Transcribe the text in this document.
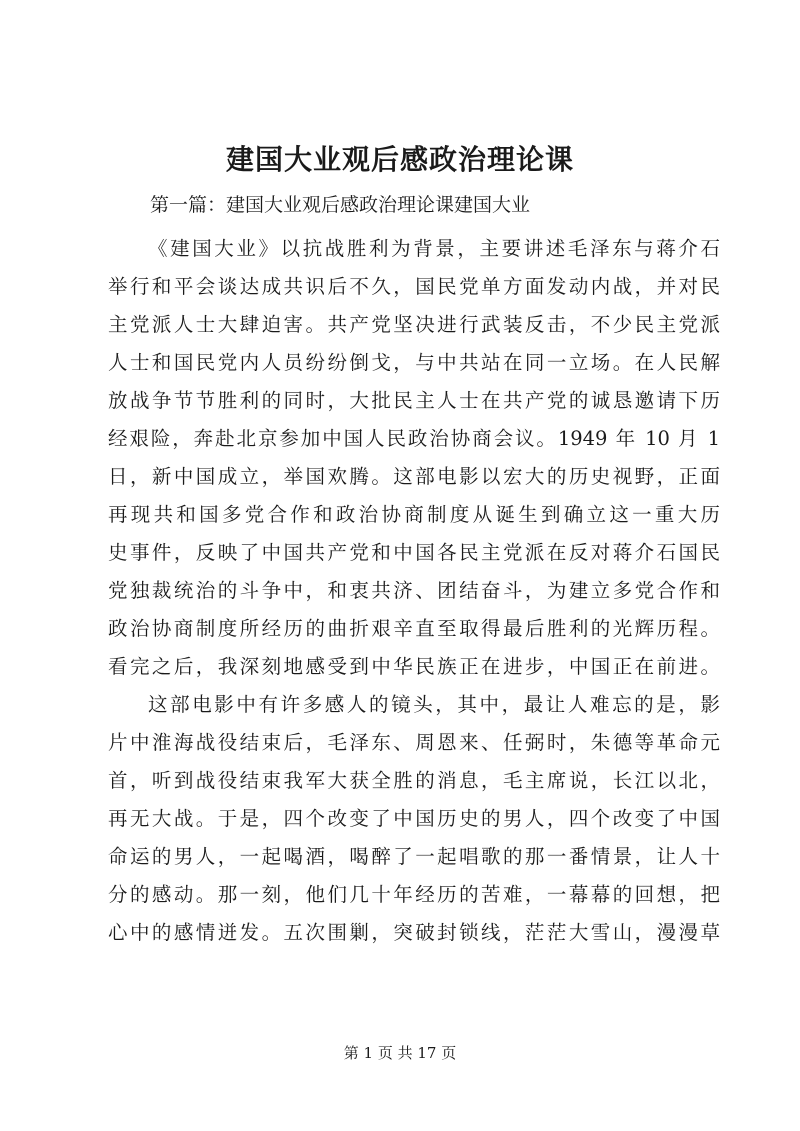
建国大业观后感政治理论课

第一篇：建国大业观后感政治理论课建国大业

《建国大业》以抗战胜利为背景，主要讲述毛泽东与蒋介石
举行和平会谈达成共识后不久，国民党单方面发动内战，并对民
主党派人士大肆迫害。共产党坚决进行武装反击，不少民主党派
人士和国民党内人员纷纷倒戈，与中共站在同一立场。在人民解
放战争节节胜利的同时，大批民主人士在共产党的诚恳邀请下历
经艰险，奔赴北京参加中国人民政治协商会议。1949 年 10 月 1
日，新中国成立，举国欢腾。这部电影以宏大的历史视野，正面
再现共和国多党合作和政治协商制度从诞生到确立这一重大历
史事件，反映了中国共产党和中国各民主党派在反对蒋介石国民
党独裁统治的斗争中，和衷共济、团结奋斗，为建立多党合作和
政治协商制度所经历的曲折艰辛直至取得最后胜利的光辉历程。
看完之后，我深刻地感受到中华民族正在进步，中国正在前进。
这部电影中有许多感人的镜头，其中，最让人难忘的是，影
片中淮海战役结束后，毛泽东、周恩来、任弼时，朱德等革命元
首，听到战役结束我军大获全胜的消息，毛主席说，长江以北，
再无大战。于是，四个改变了中国历史的男人，四个改变了中国
命运的男人，一起喝酒，喝醉了一起唱歌的那一番情景，让人十
分的感动。那一刻，他们几十年经历的苦难，一幕幕的回想，把
心中的感情迸发。五次围剿，突破封锁线，茫茫大雪山，漫漫草
第 1 页 共 17 页
